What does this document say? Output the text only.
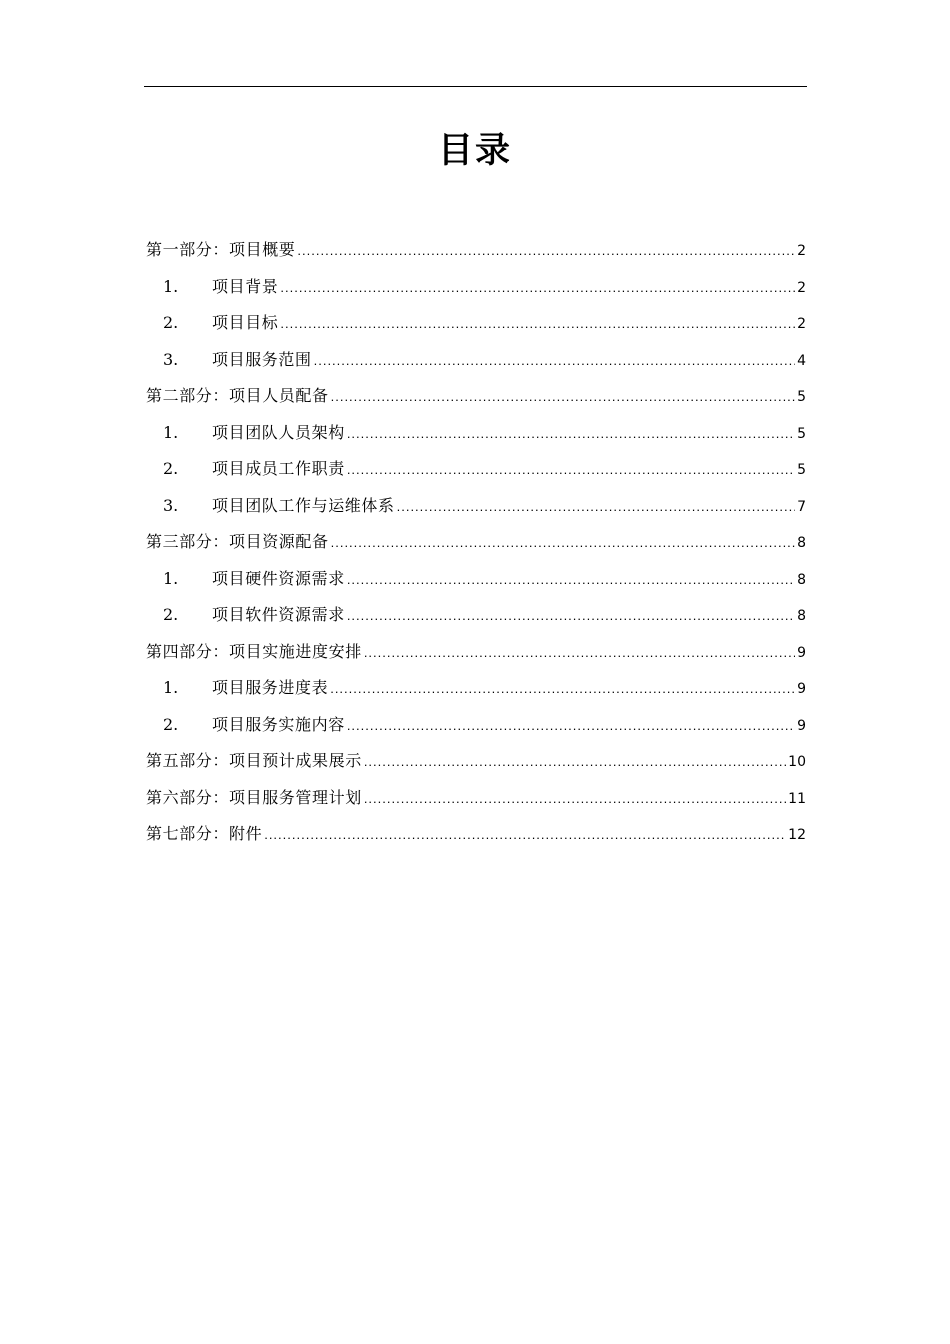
目录
第一部分：项目概要 .....	2
1.	项目背景 .....	2
2.	项目目标 .....	2
3.	项目服务范围 .....	4
第二部分：项目人员配备 .....	5
1.	项目团队人员架构 .....	5
2.	项目成员工作职责 .....	5
3.	项目团队工作与运维体系 .....	7
第三部分：项目资源配备 .....	8
1.	项目硬件资源需求 .....	8
2.	项目软件资源需求 .....	8
第四部分：项目实施进度安排 .....	9
1.	项目服务进度表 .....	9
2.	项目服务实施内容 .....	9
第五部分：项目预计成果展示 .....	10
第六部分：项目服务管理计划 .....	11
第七部分：附件 .....	12
